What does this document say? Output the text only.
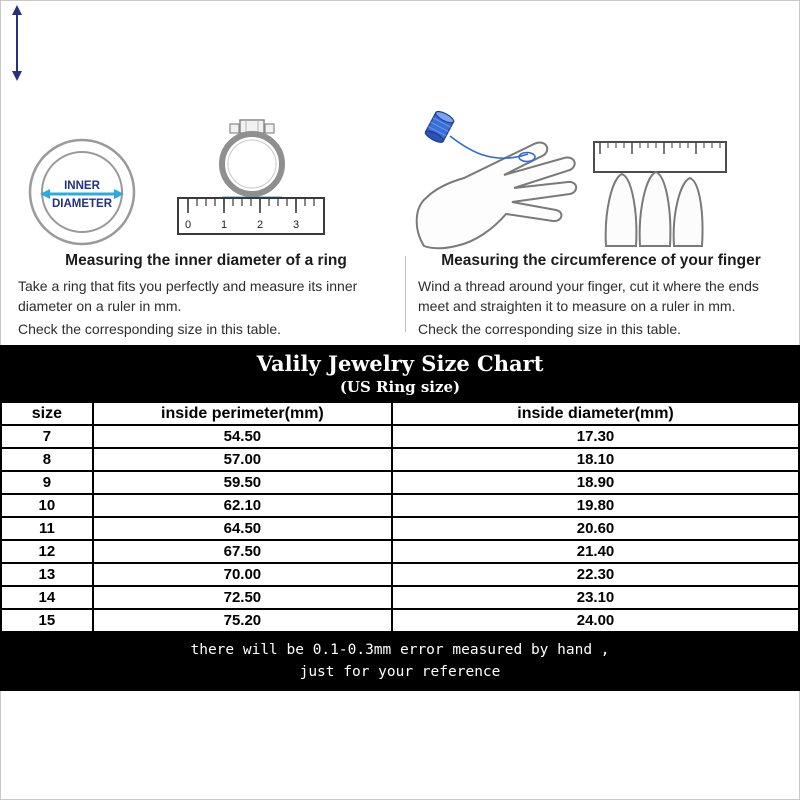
INNER
DIAMETER
0	1	2	3

Measuring the inner diameter of a ring

Take a ring that fits you perfectly and measure its inner diameter on a ruler in mm.

Check the corresponding size in this table.

Measuring the circumference of your finger

Wind a thread around your finger, cut it where the ends meet and straighten it to measure on a ruler in mm.

Check the corresponding size in this table.

Valily Jewelry Size Chart
(US Ring size)
size	inside perimeter(mm)	inside diameter(mm)
7	54.50	17.30
8	57.00	18.10
9	59.50	18.90
10	62.10	19.80
11	64.50	20.60
12	67.50	21.40
13	70.00	22.30
14	72.50	23.10
15	75.20	24.00
there will be 0.1-0.3mm error measured by hand ,
just for your reference
